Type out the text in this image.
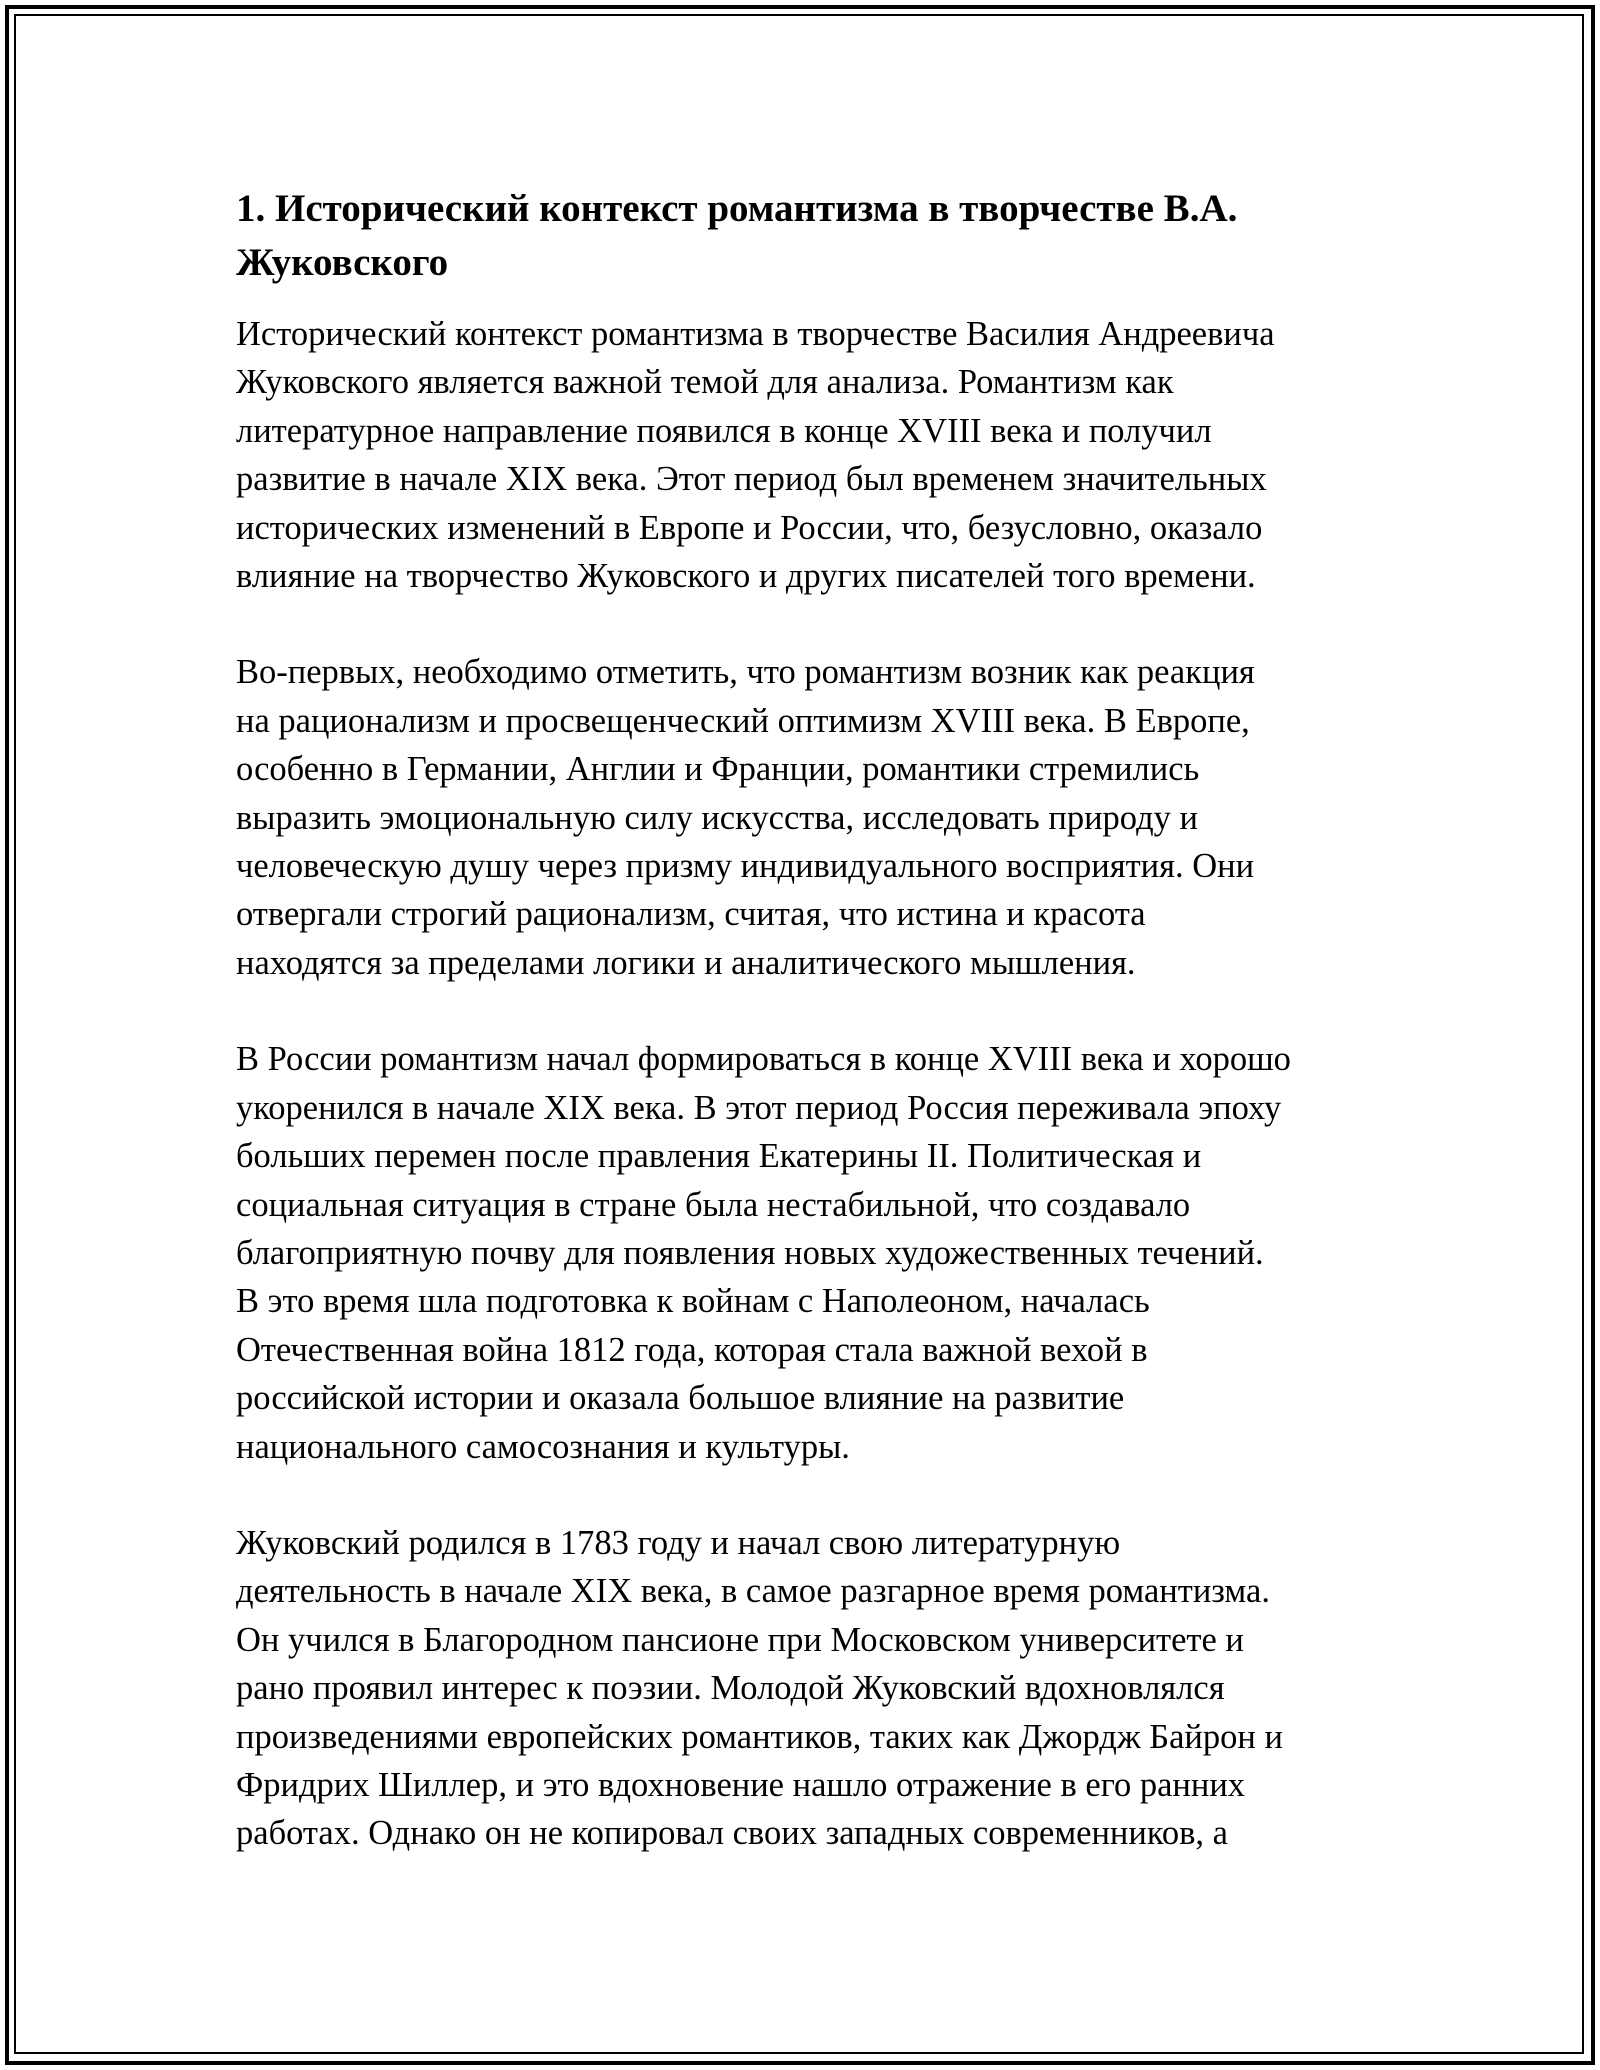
1. Исторический контекст романтизма в творчестве В.А.
Жуковского

Исторический контекст романтизма в творчестве Василия Андреевича
Жуковского является важной темой для анализа. Романтизм как
литературное направление появился в конце XVIII века и получил
развитие в начале XIX века. Этот период был временем значительных
исторических изменений в Европе и России, что, безусловно, оказало
влияние на творчество Жуковского и других писателей того времени.

Во-первых, необходимо отметить, что романтизм возник как реакция
на рационализм и просвещенческий оптимизм XVIII века. В Европе,
особенно в Германии, Англии и Франции, романтики стремились
выразить эмоциональную силу искусства, исследовать природу и
человеческую душу через призму индивидуального восприятия. Они
отвергали строгий рационализм, считая, что истина и красота
находятся за пределами логики и аналитического мышления.

В России романтизм начал формироваться в конце XVIII века и хорошо
укоренился в начале XIX века. В этот период Россия переживала эпоху
больших перемен после правления Екатерины II. Политическая и
социальная ситуация в стране была нестабильной, что создавало
благоприятную почву для появления новых художественных течений.
В это время шла подготовка к войнам с Наполеоном, началась
Отечественная война 1812 года, которая стала важной вехой в
российской истории и оказала большое влияние на развитие
национального самосознания и культуры.

Жуковский родился в 1783 году и начал свою литературную
деятельность в начале XIX века, в самое разгарное время романтизма.
Он учился в Благородном пансионе при Московском университете и
рано проявил интерес к поэзии. Молодой Жуковский вдохновлялся
произведениями европейских романтиков, таких как Джордж Байрон и
Фридрих Шиллер, и это вдохновение нашло отражение в его ранних
работах. Однако он не копировал своих западных современников, а
